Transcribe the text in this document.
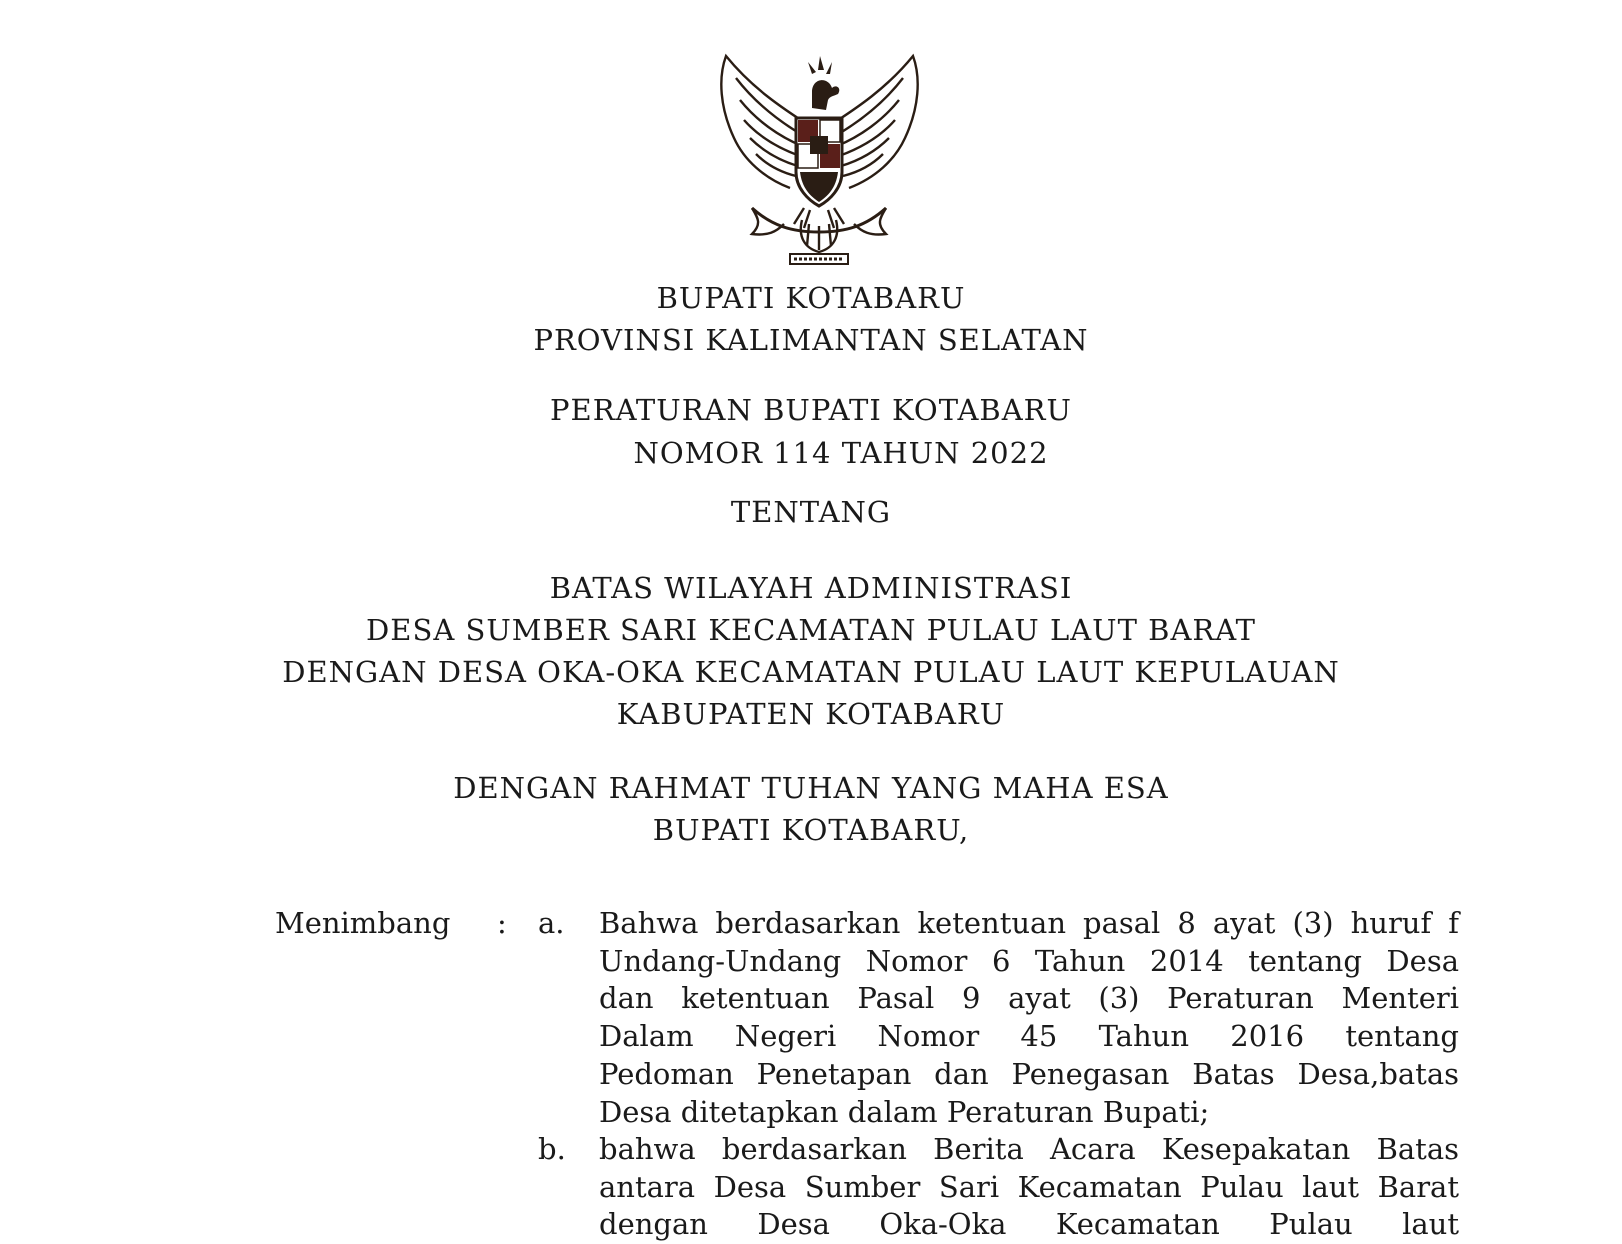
BUPATI KOTABARU
PROVINSI KALIMANTAN SELATAN
PERATURAN BUPATI KOTABARU
NOMOR 114 TAHUN 2022
TENTANG
BATAS WILAYAH ADMINISTRASI
DESA SUMBER SARI KECAMATAN PULAU LAUT BARAT
DENGAN DESA OKA-OKA KECAMATAN PULAU LAUT KEPULAUAN
KABUPATEN KOTABARU
DENGAN RAHMAT TUHAN YANG MAHA ESA
BUPATI KOTABARU,
Menimbang : a. Bahwa berdasarkan ketentuan pasal 8 ayat (3) huruf f
Undang-Undang Nomor 6 Tahun 2014 tentang Desa
dan ketentuan Pasal 9 ayat (3) Peraturan Menteri
Dalam Negeri Nomor 45 Tahun 2016 tentang
Pedoman Penetapan dan Penegasan Batas Desa,batas
Desa ditetapkan dalam Peraturan Bupati;
b. bahwa berdasarkan Berita Acara Kesepakatan Batas
antara Desa Sumber Sari Kecamatan Pulau laut Barat
dengan Desa Oka-Oka Kecamatan Pulau laut
